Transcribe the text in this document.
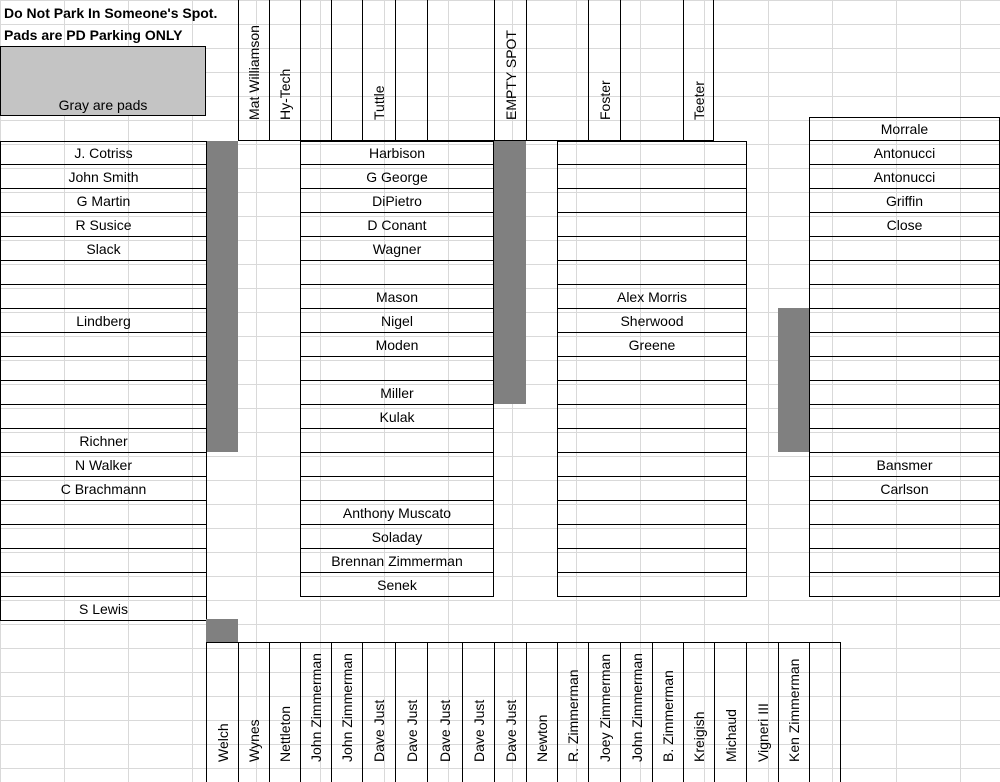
Do Not Park In Someone's Spot.
Pads are PD Parking ONLY
Gray are pads	Mat Williamson Hy-Tech	Tuttle	EMPTY SPOT	Foster	Teeter
J. Cotriss
John Smith
G Martin
R Susice
Slack
Lindberg
Richner
N Walker
C Brachmann
S Lewis
Harbison
G George
DiPietro
D Conant
Wagner
Mason
Nigel
Moden
Miller
Kulak
Anthony Muscato
Soladay
Brennan Zimmerman
Senek
Alex Morris
Sherwood
Greene
Morrale
Antonucci
Antonucci
Griffin
Close
Bansmer
Carlson
Welch Wynes Nettleton John Zimmerman John Zimmerman Dave Just Dave Just Dave Just Dave Just Dave Just Newton R. Zimmerman Joey Zimmerman John Zimmerman B. Zimmerman Kreigish Michaud Vigneri III Ken Zimmerman
